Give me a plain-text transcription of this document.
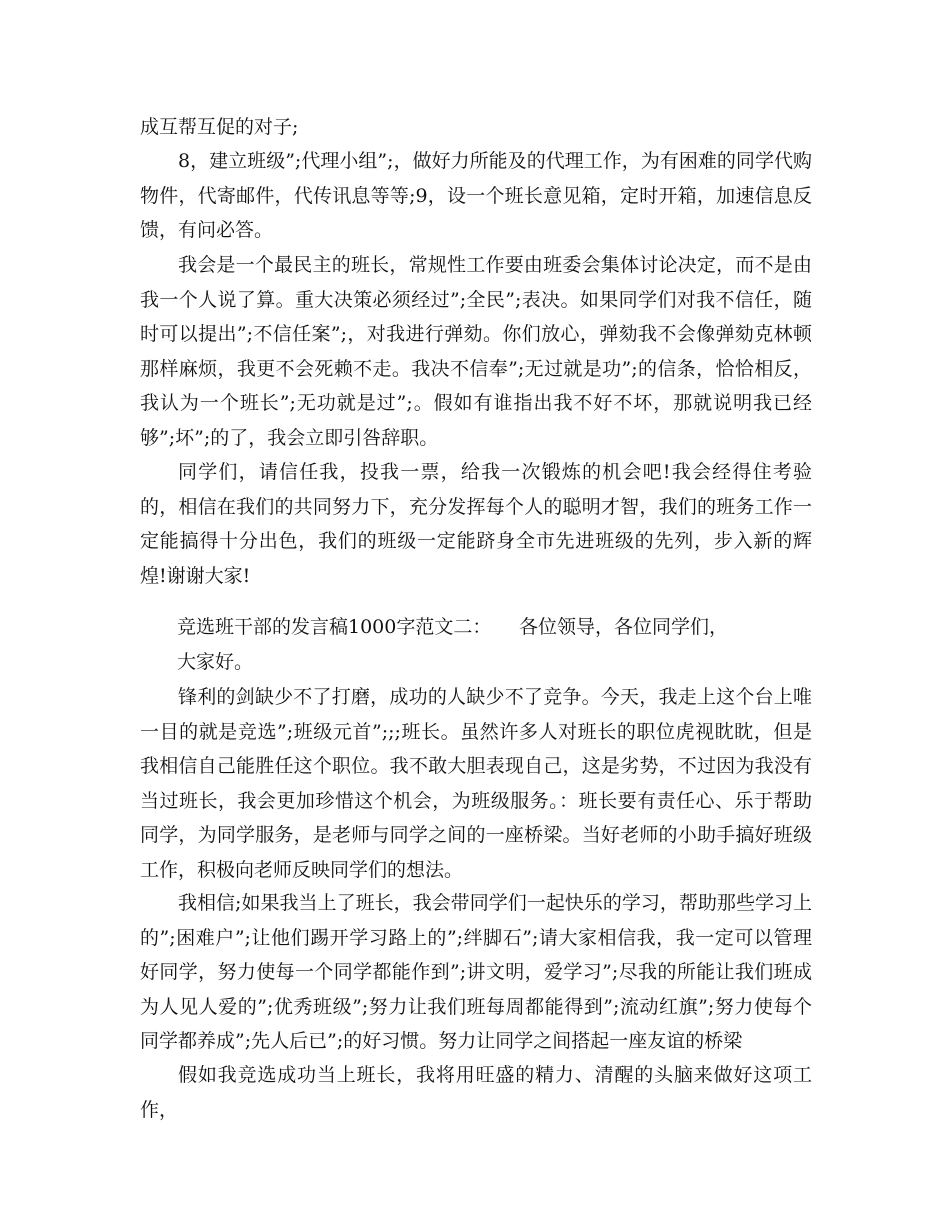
成互帮互促的对子;

8，建立班级”;代理小组”;，做好力所能及的代理工作，为有困难的同学代购物件，代寄邮件，代传讯息等等;9，设一个班长意见箱，定时开箱，加速信息反馈，有问必答。

我会是一个最民主的班长，常规性工作要由班委会集体讨论决定，而不是由我一个人说了算。重大决策必须经过”;全民”;表决。如果同学们对我不信任，随时可以提出”;不信任案”;，对我进行弹劾。你们放心，弹劾我不会像弹劾克林顿那样麻烦，我更不会死赖不走。我决不信奉”;无过就是功”;的信条，恰恰相反，我认为一个班长”;无功就是过”;。假如有谁指出我不好不坏，那就说明我已经够”;坏”;的了，我会立即引咎辞职。

同学们，请信任我，投我一票，给我一次锻炼的机会吧!我会经得住考验的，相信在我们的共同努力下，充分发挥每个人的聪明才智，我们的班务工作一定能搞得十分出色，我们的班级一定能跻身全市先进班级的先列，步入新的辉煌!谢谢大家!

竞选班干部的发言稿1000字范文二： 各位领导，各位同学们，

大家好。

锋利的剑缺少不了打磨，成功的人缺少不了竞争。今天，我走上这个台上唯一目的就是竞选”;班级元首”;;;班长。虽然许多人对班长的职位虎视眈眈，但是我相信自己能胜任这个职位。我不敢大胆表现自己，这是劣势，不过因为我没有当过班长，我会更加珍惜这个机会，为班级服务。：班长要有责任心、乐于帮助同学，为同学服务，是老师与同学之间的一座桥梁。当好老师的小助手搞好班级工作，积极向老师反映同学们的想法。

我相信;如果我当上了班长，我会带同学们一起快乐的学习，帮助那些学习上的”;困难户”;让他们踢开学习路上的”;绊脚石”;请大家相信我，我一定可以管理好同学，努力使每一个同学都能作到”;讲文明，爱学习”;尽我的所能让我们班成为人见人爱的”;优秀班级”;努力让我们班每周都能得到”;流动红旗”;努力使每个同学都养成”;先人后已”;的好习惯。努力让同学之间搭起一座友谊的桥梁

假如我竞选成功当上班长，我将用旺盛的精力、清醒的头脑来做好这项工作，
